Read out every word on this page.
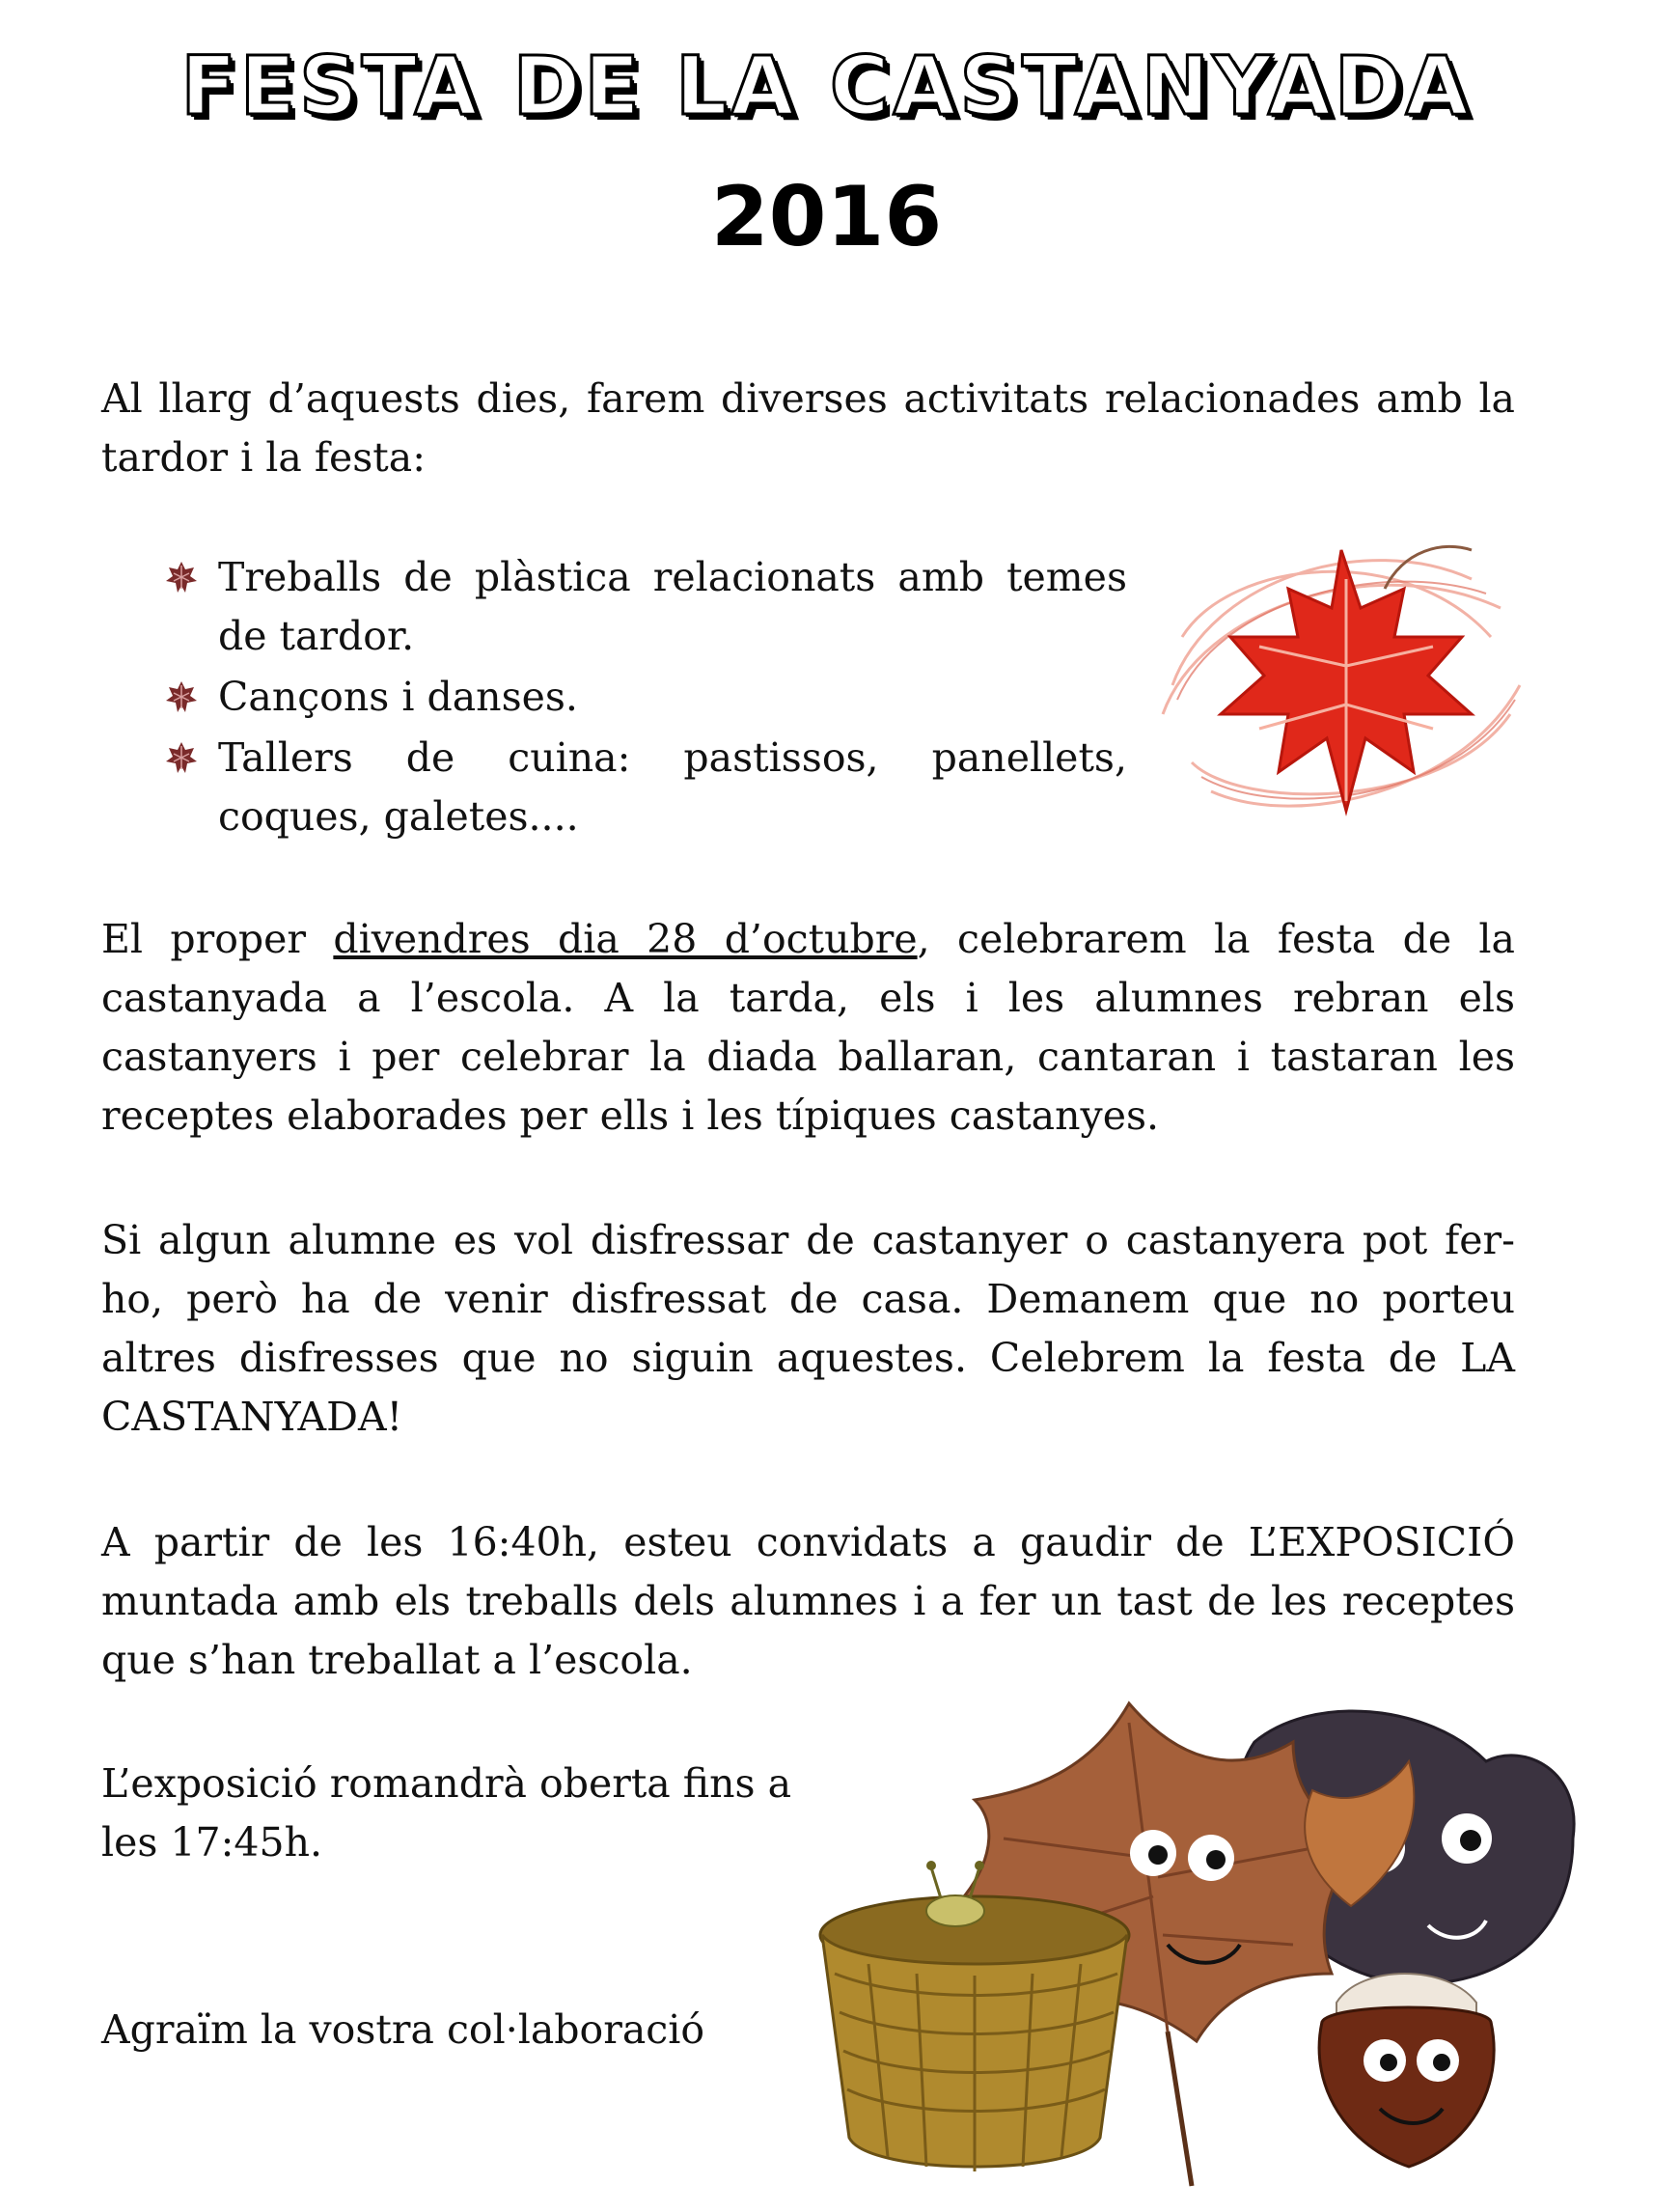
FESTA DE LA CASTANYADA
2016

Al llarg d’aquests dies, farem diverses activitats relacionades amb la tardor i la festa:

Treballs de plàstica relacionats amb temes de tardor.
Cançons i danses.
Tallers de cuina: pastissos, panellets, coques, galetes....

El proper divendres dia 28 d’octubre, celebrarem la festa de la castanyada a l’escola. A la tarda, els i les alumnes rebran els castanyers i per celebrar la diada ballaran, cantaran i tastaran les receptes elaborades per ells i les típiques castanyes.

Si algun alumne es vol disfressar de castanyer o castanyera pot fer-ho, però ha de venir disfressat de casa. Demanem que no porteu altres disfresses que no siguin aquestes. Celebrem la festa de LA CASTANYADA!

A partir de les 16:40h, esteu convidats a gaudir de L’EXPOSICIÓ muntada amb els treballs dels alumnes i a fer un tast de les receptes que s’han treballat a l’escola.

L’exposició romandrà oberta fins a les 17:45h.

Agraïm la vostra col·laboració
